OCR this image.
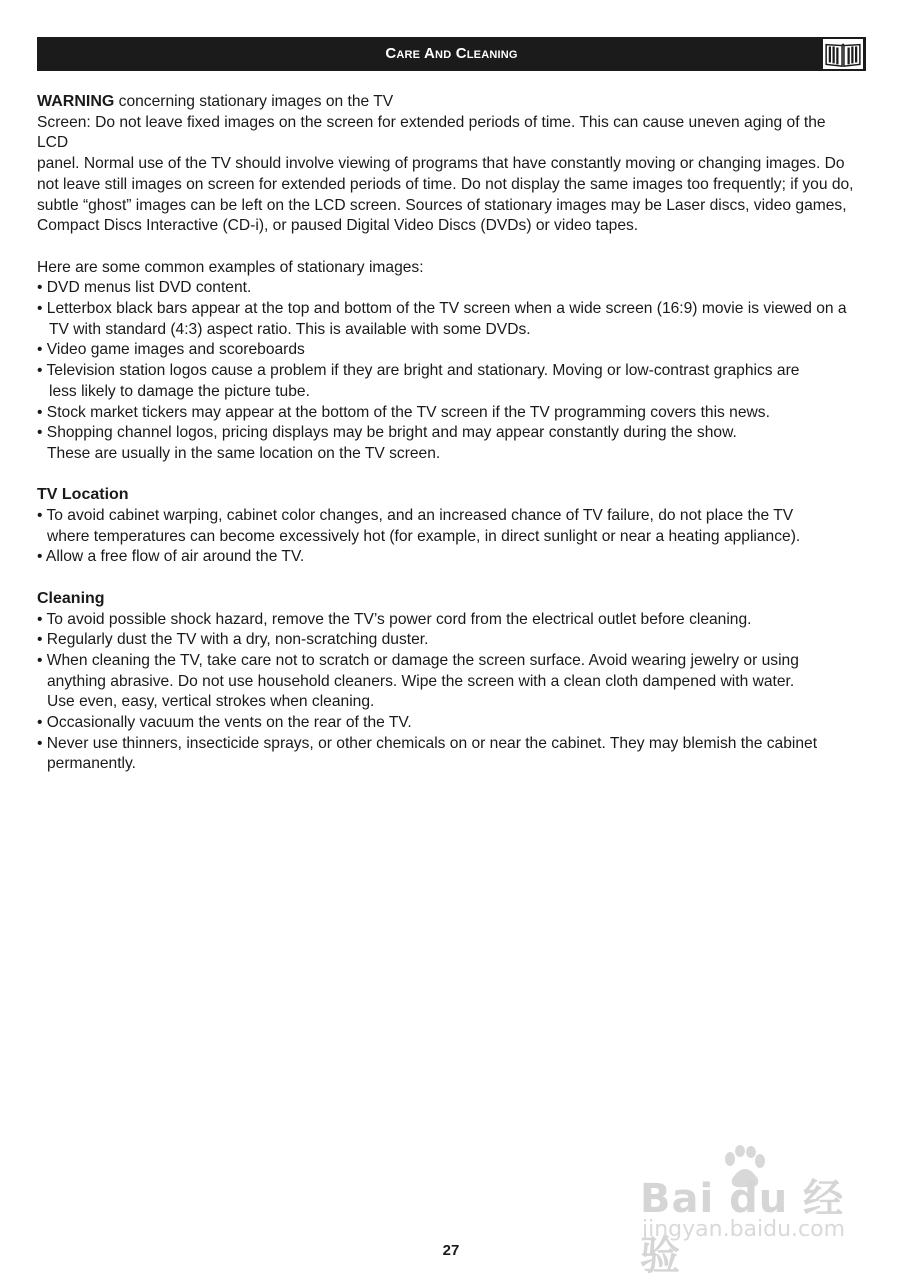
Care And Cleaning

WARNING concerning stationary images on the TV

Screen: Do not leave fixed images on the screen for extended periods of time. This can cause uneven aging of the LCD

panel. Normal use of the TV should involve viewing of programs that have constantly moving or changing images. Do

not leave still images on screen for extended periods of time. Do not display the same images too frequently; if you do,

subtle “ghost” images can be left on the LCD screen. Sources of stationary images may be Laser discs, video games,

Compact Discs Interactive (CD-i), or paused Digital Video Discs (DVDs) or video tapes.

Here are some common examples of stationary images:

• DVD menus list DVD content.

• Letterbox black bars appear at the top and bottom of the TV screen when a wide screen (16:9) movie is viewed on a

TV with standard (4:3) aspect ratio. This is available with some DVDs.

• Video game images and scoreboards

• Television station logos cause a problem if they are bright and stationary. Moving or low-contrast graphics are

less likely to damage the picture tube.

• Stock market tickers may appear at the bottom of the TV screen if the TV programming covers this news.

• Shopping channel logos, pricing displays may be bright and may appear constantly during the show.

These are usually in the same location on the TV screen.

TV Location

• To avoid cabinet warping, cabinet color changes, and an increased chance of TV failure, do not place the TV

where temperatures can become excessively hot (for example, in direct sunlight or near a heating appliance).

• Allow a free flow of air around the TV.

Cleaning

• To avoid possible shock hazard, remove the TV’s power cord from the electrical outlet before cleaning.

• Regularly dust the TV with a dry, non-scratching duster.

• When cleaning the TV, take care not to scratch or damage the screen surface. Avoid wearing jewelry or using

anything abrasive. Do not use household cleaners. Wipe the screen with a clean cloth dampened with water.

Use even, easy, vertical strokes when cleaning.

• Occasionally vacuum the vents on the rear of the TV.

• Never use thinners, insecticide sprays, or other chemicals on or near the cabinet. They may blemish the cabinet

permanently.

Bai du 经验
jingyan.baidu.com
27
